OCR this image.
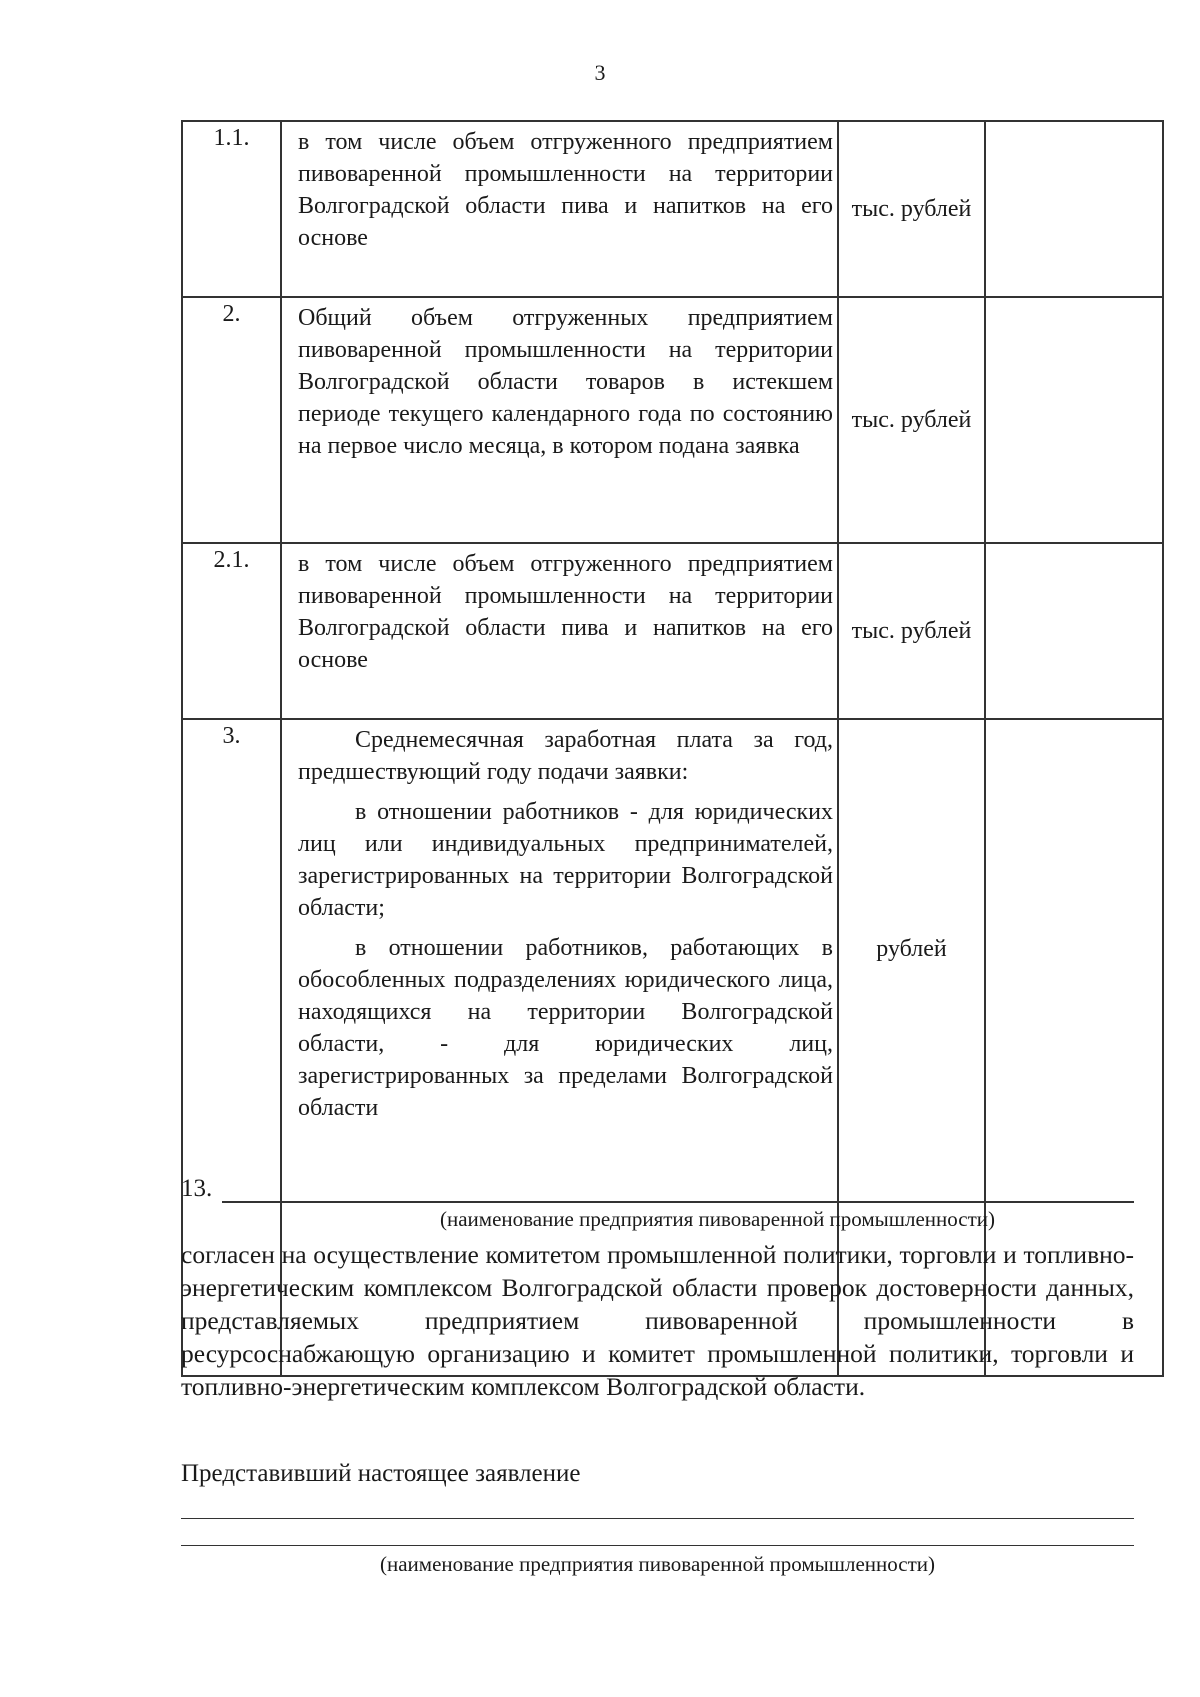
3
1.1.	в том числе объем отгруженного предприятием пивоваренной промышленности на территории Волгоградской области пива и напитков на его основе	тыс. рублей	
2.	Общий объем отгруженных предприятием пивоваренной промышленности на территории Волгоградской области товаров в истекшем периоде текущего календарного года по состоянию на первое число месяца, в котором подана заявка	тыс. рублей	
2.1.	в том числе объем отгруженного предприятием пивоваренной промышленности на территории Волгоградской области пива и напитков на его основе	тыс. рублей	
3.	Среднемесячная заработная плата за год, предшествующий году подачи заявки:

в отношении работников - для юридических лиц или индивидуальных предпринимателей, зарегистрированных на территории Волгоградской области;

в отношении работников, работающих в обособленных подразделениях юридического лица, находящихся на территории Волгоградской области, - для юридических лиц, зарегистрированных за пределами Волгоградской области	рублей	
13.
(наименование предприятия пивоваренной промышленности)

согласен на осуществление комитетом промышленной политики, торговли и топливно-энергетическим комплексом Волгоградской области проверок достоверности данных, представляемых предприятием пивоваренной промышленности в ресурсоснабжающую организацию и комитет промышленной политики, торговли и топливно-энергетическим комплексом Волгоградской области.

Представивший настоящее заявление
(наименование предприятия пивоваренной промышленности)
